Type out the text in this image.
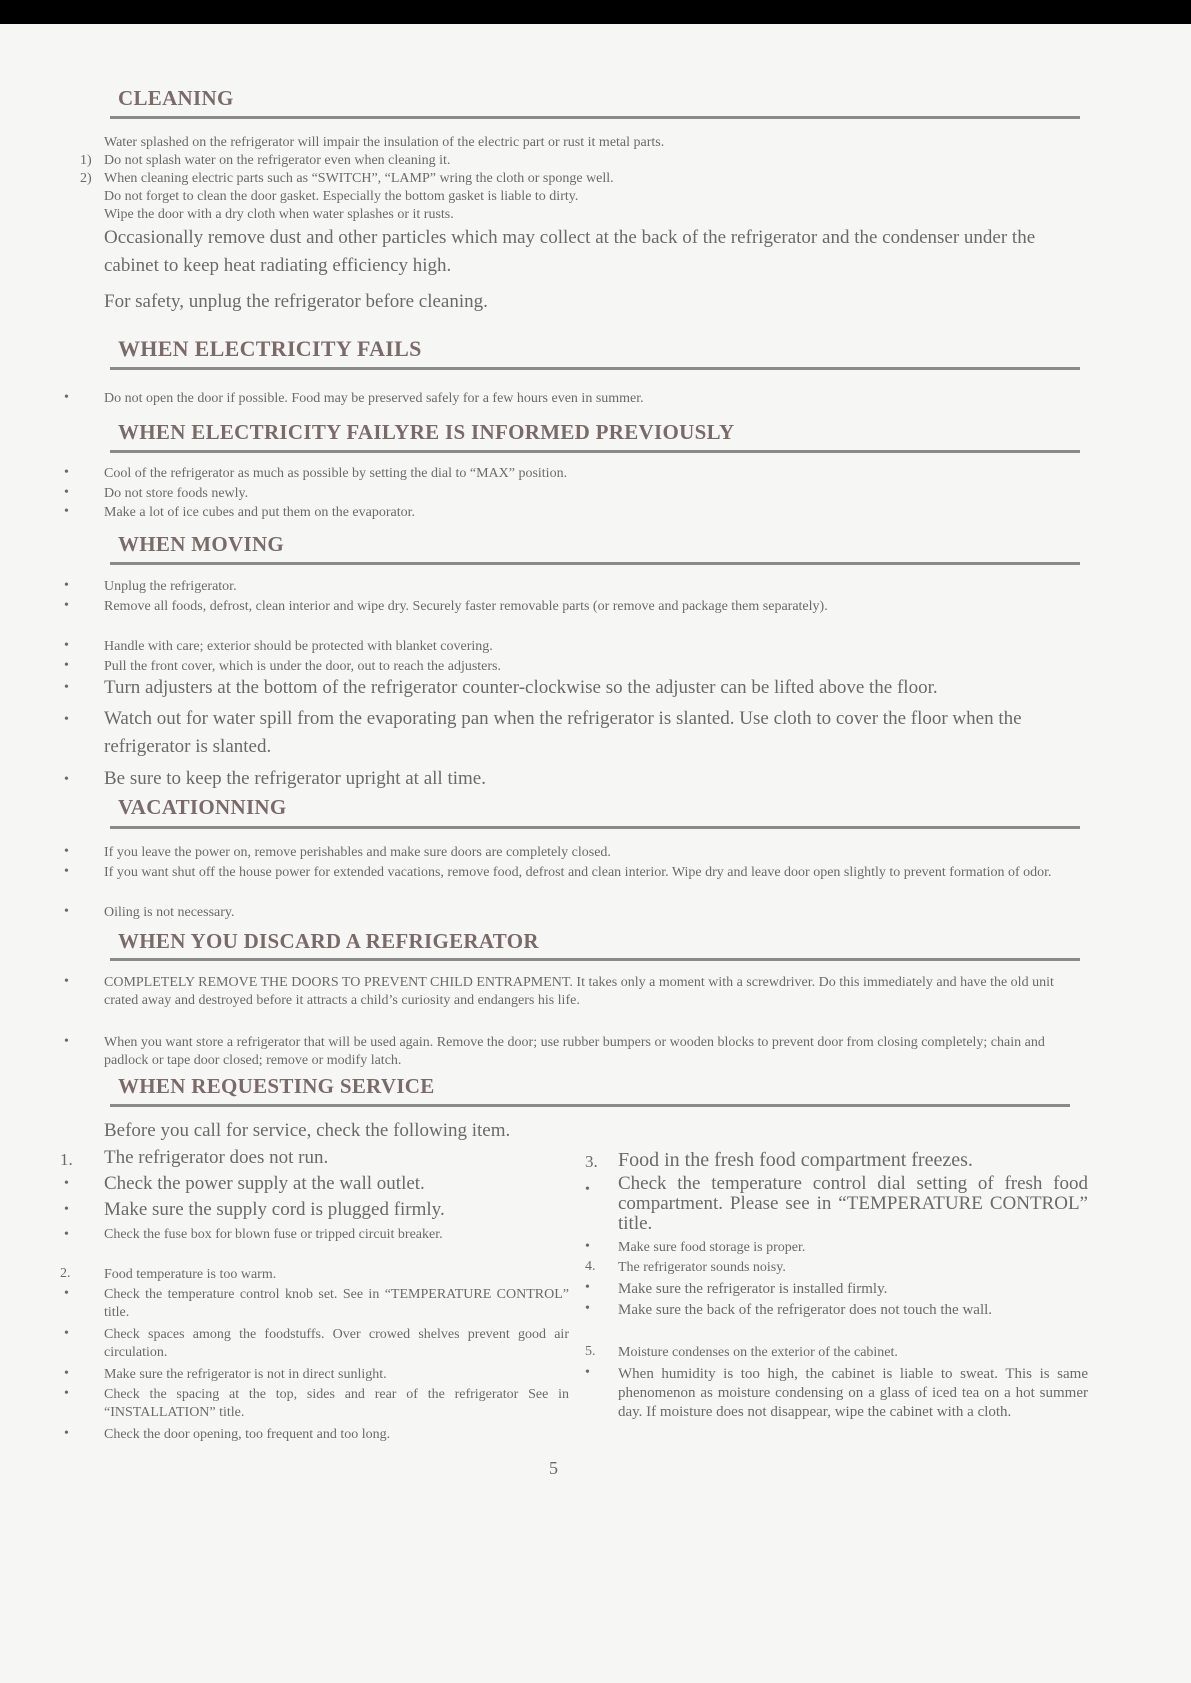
CLEANING
Water splashed on the refrigerator will impair the insulation of the electric part or rust it metal parts.
1) Do not splash water on the refrigerator even when cleaning it.
2) When cleaning electric parts such as “SWITCH”, “LAMP” wring the cloth or sponge well.
Do not forget to clean the door gasket. Especially the bottom gasket is liable to dirty.
Wipe the door with a dry cloth when water splashes or it rusts.
Occasionally remove dust and other particles which may collect at the back of the refrigerator and the condenser under the cabinet to keep heat radiating efficiency high.
For safety, unplug the refrigerator before cleaning.
WHEN ELECTRICITY FAILS
•	Do not open the door if possible. Food may be preserved safely for a few hours even in summer.
WHEN ELECTRICITY FAILYRE IS INFORMED PREVIOUSLY
•	Cool of the refrigerator as much as possible by setting the dial to “MAX” position.
•	Do not store foods newly.
•	Make a lot of ice cubes and put them on the evaporator.
WHEN MOVING
•	Unplug the refrigerator.
•	Remove all foods, defrost, clean interior and wipe dry. Securely faster removable parts (or remove and package them separately).
•	Handle with care; exterior should be protected with blanket covering.
•	Pull the front cover, which is under the door, out to reach the adjusters.
• Turn adjusters at the bottom of the refrigerator counter-clockwise so the adjuster can be lifted above the floor.
• Watch out for water spill from the evaporating pan when the refrigerator is slanted. Use cloth to cover the floor when the refrigerator is slanted.
• Be sure to keep the refrigerator upright at all time.
VACATIONNING
•	If you leave the power on, remove perishables and make sure doors are completely closed.
•	If you want shut off the house power for extended vacations, remove food, defrost and clean interior. Wipe dry and leave door open slightly to prevent formation of odor.
•	Oiling is not necessary.
WHEN YOU DISCARD A REFRIGERATOR
•	COMPLETELY REMOVE THE DOORS TO PREVENT CHILD ENTRAPMENT. It takes only a moment with a screwdriver. Do this immediately and have the old unit crated away and destroyed before it attracts a child’s curiosity and endangers his life.
•	When you want store a refrigerator that will be used again. Remove the door; use rubber bumpers or wooden blocks to prevent door from closing completely; chain and padlock or tape door closed; remove or modify latch.
WHEN REQUESTING SERVICE
Before you call for service, check the following item.
1. The refrigerator does not run.
• Check the power supply at the wall outlet.
• Make sure the supply cord is plugged firmly.
•	Check the fuse box for blown fuse or tripped circuit breaker.
2. Food temperature is too warm.
•	Check the temperature control knob set. See in “TEMPERATURE CONTROL” title.
•	Check spaces among the foodstuffs. Over crowed shelves prevent good air circulation.
•	Make sure the refrigerator is not in direct sunlight.
•	Check the spacing at the top, sides and rear of the refrigerator See in “INSTALLATION” title.
•	Check the door opening, too frequent and too long.
3. Food in the fresh food compartment freezes.
• Check the temperature control dial setting of fresh food compartment. Please see in “TEMPERATURE CONTROL” title.
• Make sure food storage is proper.
4. The refrigerator sounds noisy.
• Make sure the refrigerator is installed firmly.
• Make sure the back of the refrigerator does not touch the wall.
5. Moisture condenses on the exterior of the cabinet.
• When humidity is too high, the cabinet is liable to sweat. This is same phenomenon as moisture condensing on a glass of iced tea on a hot summer day. If moisture does not disappear, wipe the cabinet with a cloth.
5
